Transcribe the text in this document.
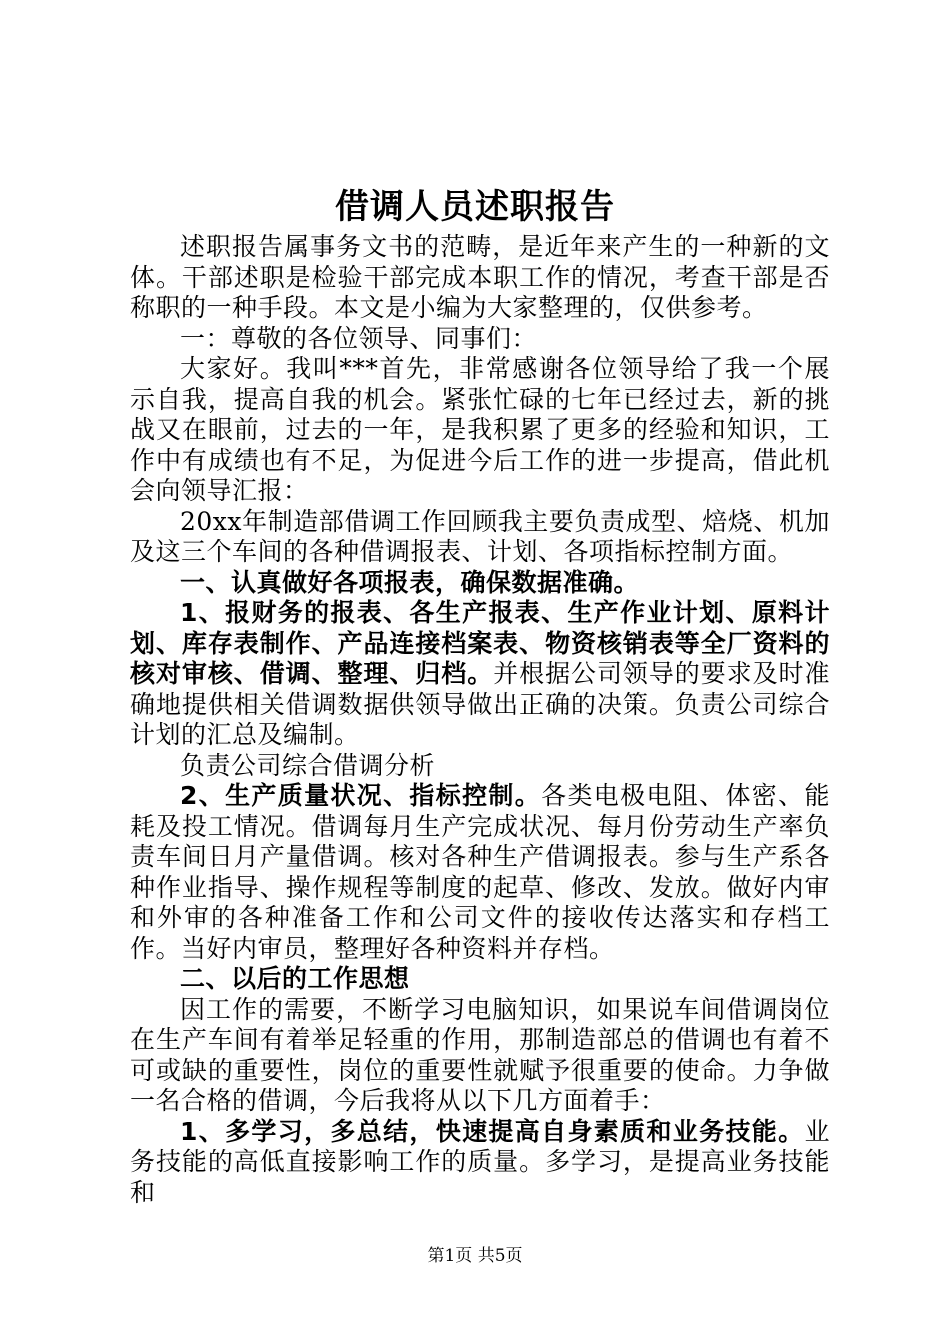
借调人员述职报告

述职报告属事务文书的范畴，是近年来产生的一种新的文体。干部述职是检验干部完成本职工作的情况，考查干部是否称职的一种手段。本文是小编为大家整理的，仅供参考。

一：尊敬的各位领导、同事们：

大家好。我叫***首先，非常感谢各位领导给了我一个展示自我，提高自我的机会。紧张忙碌的七年已经过去，新的挑战又在眼前，过去的一年，是我积累了更多的经验和知识，工作中有成绩也有不足，为促进今后工作的进一步提高，借此机会向领导汇报：

20xx年制造部借调工作回顾我主要负责成型、焙烧、机加及这三个车间的各种借调报表、计划、各项指标控制方面。

一、认真做好各项报表，确保数据准确。

1、报财务的报表、各生产报表、生产作业计划、原料计划、库存表制作、产品连接档案表、物资核销表等全厂资料的核对审核、借调、整理、归档。并根据公司领导的要求及时准确地提供相关借调数据供领导做出正确的决策。负责公司综合计划的汇总及编制。

负责公司综合借调分析

2、生产质量状况、指标控制。各类电极电阻、体密、能耗及投工情况。借调每月生产完成状况、每月份劳动生产率负责车间日月产量借调。核对各种生产借调报表。参与生产系各种作业指导、操作规程等制度的起草、修改、发放。做好内审和外审的各种准备工作和公司文件的接收传达落实和存档工作。当好内审员，整理好各种资料并存档。

二、以后的工作思想

因工作的需要，不断学习电脑知识，如果说车间借调岗位在生产车间有着举足轻重的作用，那制造部总的借调也有着不可或缺的重要性，岗位的重要性就赋予很重要的使命。力争做一名合格的借调，今后我将从以下几方面着手：

1、多学习，多总结，快速提高自身素质和业务技能。业务技能的高低直接影响工作的质量。多学习，是提高业务技能和

第1页 共5页
